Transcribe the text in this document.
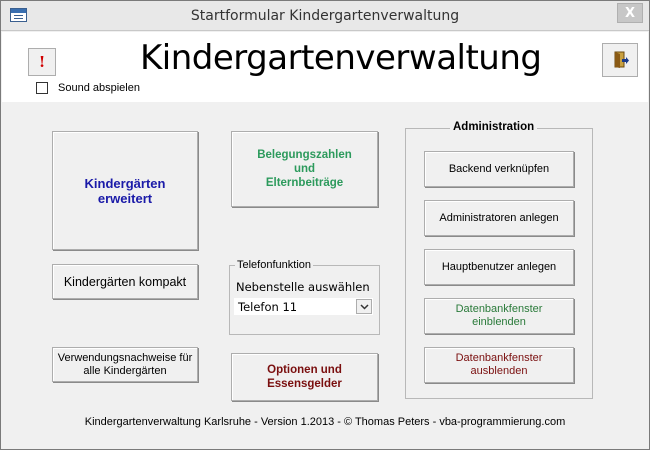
Startformular Kindergartenverwaltung	X
!	Kindergartenverwaltung
Sound abspielen
Kindergärten
erweitert
Kindergärten kompakt
Verwendungsnachweise für
alle Kindergärten
Belegungszahlen
und
Elternbeiträge
Telefonfunktion
Nebenstelle auswählen
Telefon 11
Optionen und
Essensgelder
Administration
Backend verknüpfen
Administratoren anlegen
Hauptbenutzer anlegen
Datenbankfenster
einblenden
Datenbankfenster
ausblenden
Kindergartenverwaltung Karlsruhe - Version 1.2013 - © Thomas Peters - vba-programmierung.com
